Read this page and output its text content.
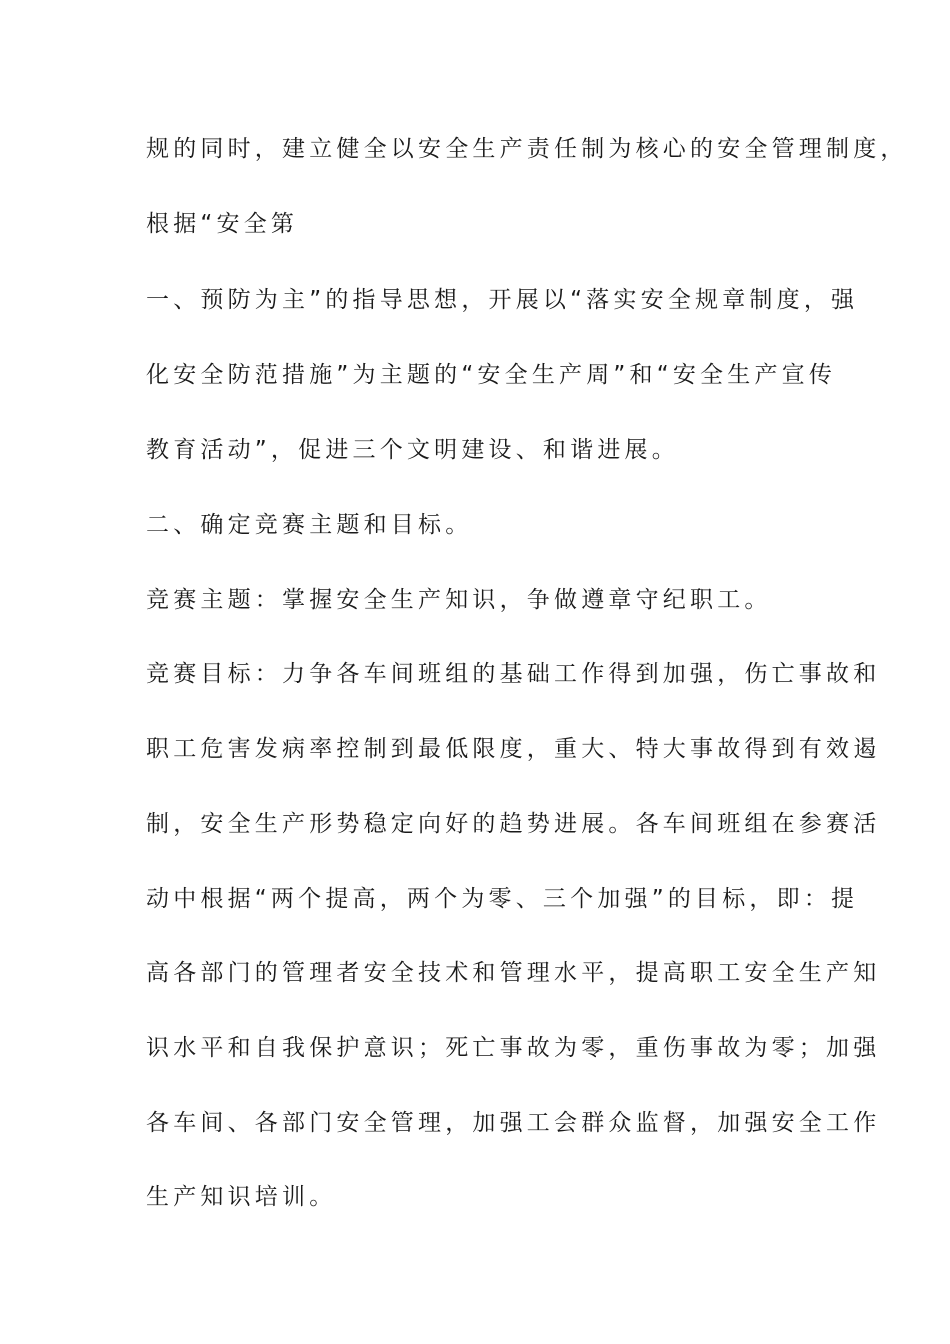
规的同时，建立健全以安全生产责任制为核心的安全管理制度，

根据“安全第

一、预防为主”的指导思想，开展以“落实安全规章制度，强

化安全防范措施”为主题的“安全生产周”和“安全生产宣传

教育活动”，促进三个文明建设、和谐进展。

二、确定竞赛主题和目标。

竞赛主题：掌握安全生产知识，争做遵章守纪职工。

竞赛目标：力争各车间班组的基础工作得到加强，伤亡事故和

职工危害发病率控制到最低限度，重大、特大事故得到有效遏

制，安全生产形势稳定向好的趋势进展。各车间班组在参赛活

动中根据“两个提高，两个为零、三个加强”的目标，即：提

高各部门的管理者安全技术和管理水平，提高职工安全生产知

识水平和自我保护意识；死亡事故为零，重伤事故为零；加强

各车间、各部门安全管理，加强工会群众监督，加强安全工作

生产知识培训。
